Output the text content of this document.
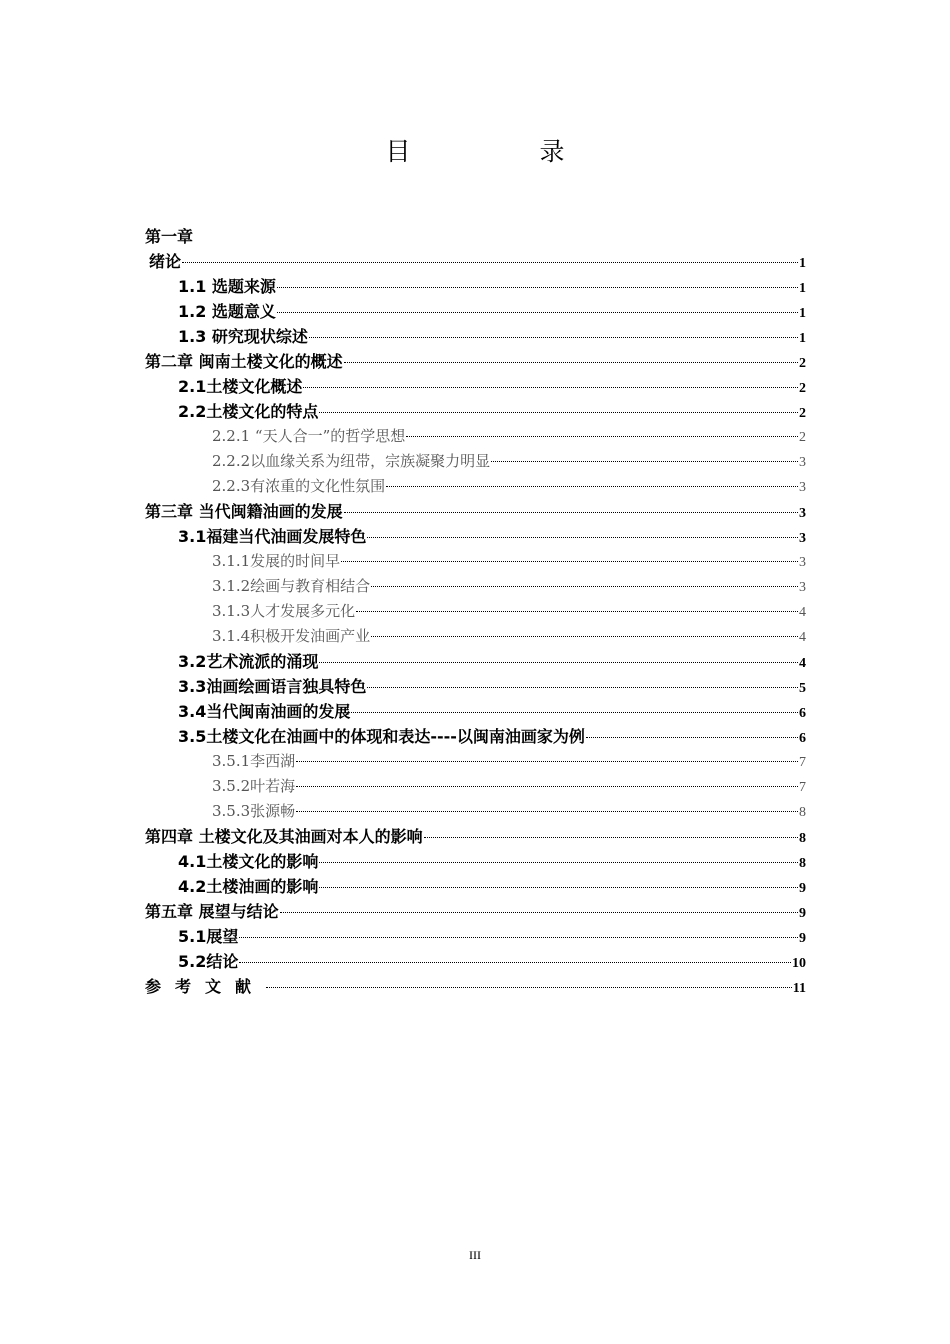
目　录
第一章
绪论	1
1.1 选题来源	1
1.2 选题意义	1
1.3 研究现状综述	1
第二章 闽南土楼文化的概述	2
2.1土楼文化概述	2
2.2土楼文化的特点	2
2.2.1 “天人合一”的哲学思想	2
2.2.2以血缘关系为纽带，宗族凝聚力明显	3
2.2.3有浓重的文化性氛围	3
第三章 当代闽籍油画的发展	3
3.1福建当代油画发展特色	3
3.1.1发展的时间早	3
3.1.2绘画与教育相结合	3
3.1.3人才发展多元化	4
3.1.4积极开发油画产业	4
3.2艺术流派的涌现	4
3.3油画绘画语言独具特色	5
3.4当代闽南油画的发展	6
3.5土楼文化在油画中的体现和表达----以闽南油画家为例	6
3.5.1李西湖	7
3.5.2叶若海	7
3.5.3张源畅	8
第四章 土楼文化及其油画对本人的影响	8
4.1土楼文化的影响	8
4.2土楼油画的影响	9
第五章 展望与结论	9
5.1展望	9
5.2结论	10
参考文献	11
III
